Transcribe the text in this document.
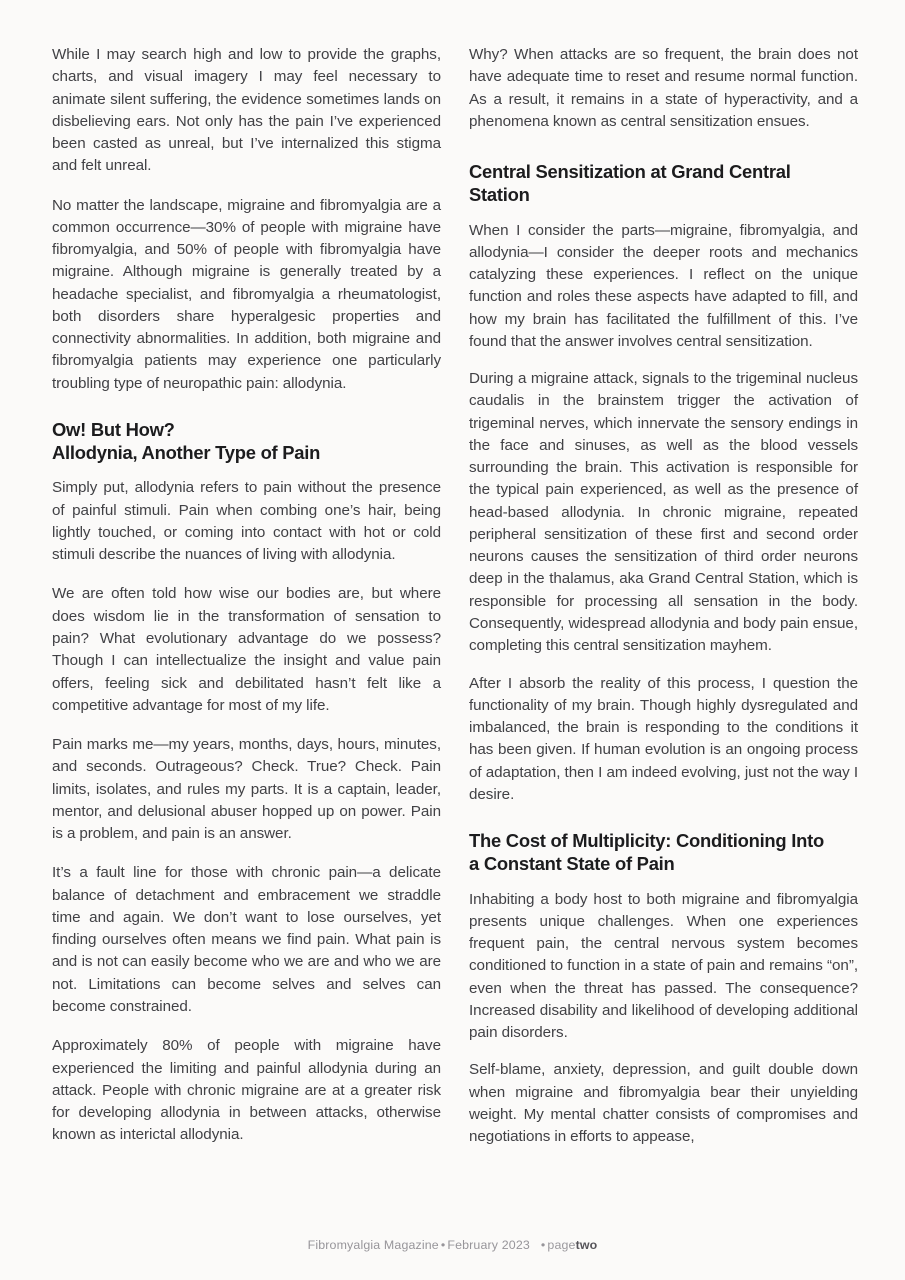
While I may search high and low to provide the graphs, charts, and visual imagery I may feel necessary to animate silent suffering, the evidence sometimes lands on disbelieving ears. Not only has the pain I’ve experienced been casted as unreal, but I’ve internalized this stigma and felt unreal.

No matter the landscape, migraine and fibromyalgia are a common occurrence—30% of people with migraine have fibromyalgia, and 50% of people with fibromyalgia have migraine. Although migraine is generally treated by a headache specialist, and fibromyalgia a rheumatologist, both disorders share hyperalgesic properties and connectivity abnormalities. In addition, both migraine and fibromyalgia patients may experience one particularly troubling type of neuropathic pain: allodynia.

Ow! But How?
Allodynia, Another Type of Pain

Simply put, allodynia refers to pain without the presence of painful stimuli. Pain when combing one’s hair, being lightly touched, or coming into contact with hot or cold stimuli describe the nuances of living with allodynia.

We are often told how wise our bodies are, but where does wisdom lie in the transformation of sensation to pain? What evolutionary advantage do we possess? Though I can intellectualize the insight and value pain offers, feeling sick and debilitated hasn’t felt like a competitive advantage for most of my life.

Pain marks me—my years, months, days, hours, minutes, and seconds. Outrageous? Check. True? Check. Pain limits, isolates, and rules my parts. It is a captain, leader, mentor, and delusional abuser hopped up on power. Pain is a problem, and pain is an answer.

It’s a fault line for those with chronic pain—a delicate balance of detachment and embracement we straddle time and again. We don’t want to lose ourselves, yet finding ourselves often means we find pain. What pain is and is not can easily become who we are and who we are not. Limitations can become selves and selves can become constrained.

Approximately 80% of people with migraine have experienced the limiting and painful allodynia during an attack. People with chronic migraine are at a greater risk for developing allodynia in between attacks, otherwise known as interictal allodynia.

Why? When attacks are so frequent, the brain does not have adequate time to reset and resume normal function. As a result, it remains in a state of hyperactivity, and a phenomena known as central sensitization ensues.

Central Sensitization at Grand Central
Station

When I consider the parts—migraine, fibromyalgia, and allodynia—I consider the deeper roots and mechanics catalyzing these experiences. I reflect on the unique function and roles these aspects have adapted to fill, and how my brain has facilitated the fulfillment of this. I’ve found that the answer involves central sensitization.

During a migraine attack, signals to the trigeminal nucleus caudalis in the brainstem trigger the activation of trigeminal nerves, which innervate the sensory endings in the face and sinuses, as well as the blood vessels surrounding the brain. This activation is responsible for the typical pain experienced, as well as the presence of head-based allodynia. In chronic migraine, repeated peripheral sensitization of these first and second order neurons causes the sensitization of third order neurons deep in the thalamus, aka Grand Central Station, which is responsible for processing all sensation in the body. Consequently, widespread allodynia and body pain ensue, completing this central sensitization mayhem.

After I absorb the reality of this process, I question the functionality of my brain. Though highly dysregulated and imbalanced, the brain is responding to the conditions it has been given. If human evolution is an ongoing process of adaptation, then I am indeed evolving, just not the way I desire.

The Cost of Multiplicity: Conditioning Into
a Constant State of Pain

Inhabiting a body host to both migraine and fibromyalgia presents unique challenges. When one experiences frequent pain, the central nervous system becomes conditioned to function in a state of pain and remains “on”, even when the threat has passed. The consequence? Increased disability and likelihood of developing additional pain disorders.

Self-blame, anxiety, depression, and guilt double down when migraine and fibromyalgia bear their unyielding weight. My mental chatter consists of compromises and negotiations in efforts to appease,

Fibromyalgia Magazine • February 2023 • pagetwo
